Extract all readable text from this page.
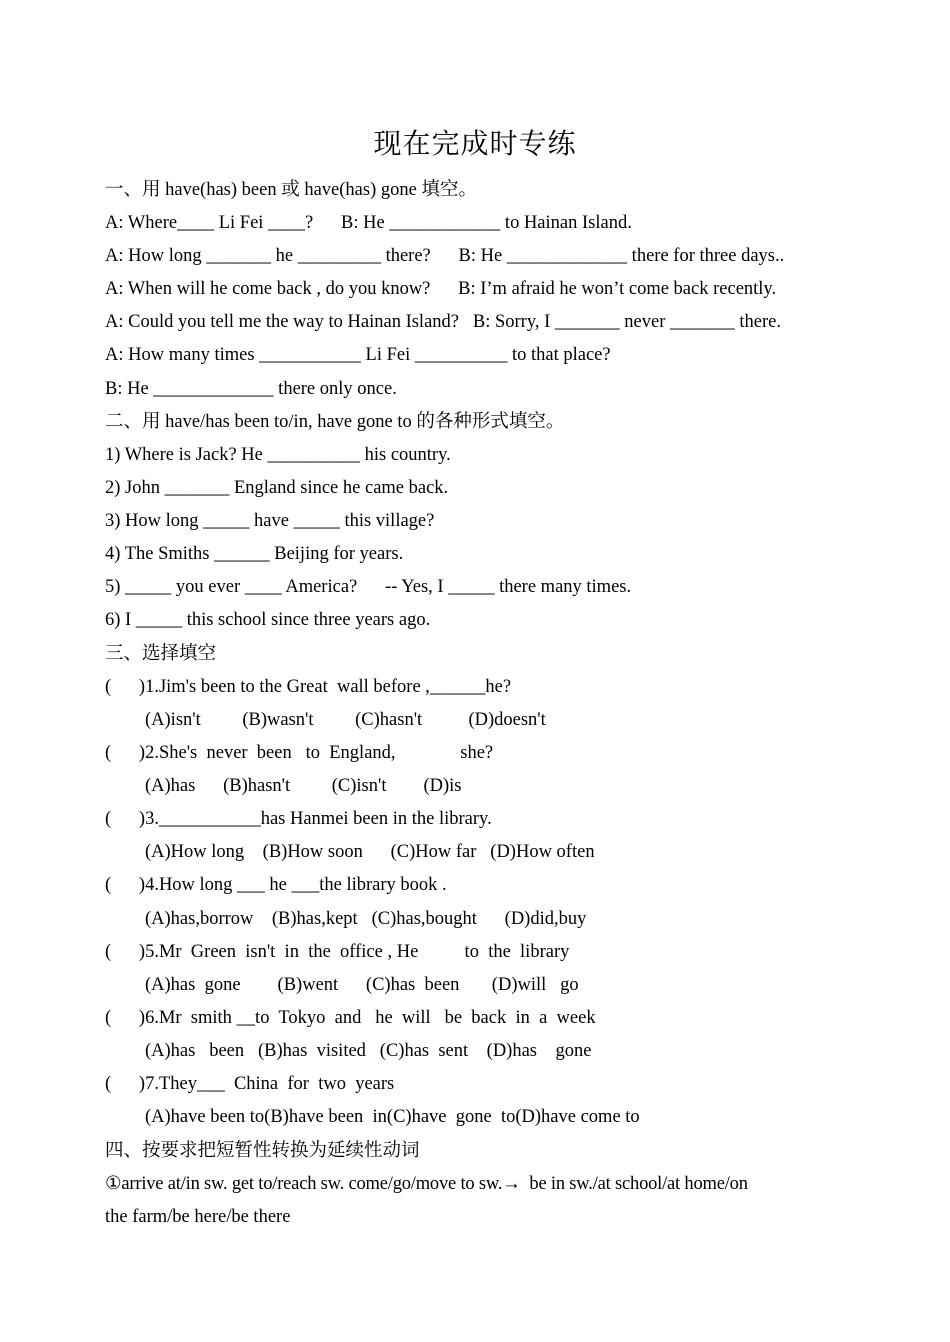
现在完成时专练
一、用 have(has) been 或 have(has) gone 填空。
A: Where____ Li Fei ____?      B: He ____________ to Hainan Island.
A: How long _______ he _________ there?      B: He _____________ there for three days..
A: When will he come back , do you know?      B: I’m afraid he won’t come back recently.
A: Could you tell me the way to Hainan Island?   B: Sorry, I _______ never _______ there.
A: How many times ___________ Li Fei __________ to that place?
B: He _____________ there only once.
二、用 have/has been to/in, have gone to 的各种形式填空。
1) Where is Jack? He __________ his country.
2) John _______ England since he came back.
3) How long _____ have _____ this village?
4) The Smiths ______ Beijing for years.
5) _____ you ever ____ America?      -- Yes, I _____ there many times.
6) I _____ this school since three years ago.
三、选择填空
(      )1.Jim's been to the Great  wall before ,______he?
(A)isn't         (B)wasn't         (C)hasn't          (D)doesn't
(      )2.She's  never  been   to  England,              she?
(A)has      (B)hasn't         (C)isn't        (D)is
(      )3.___________has Hanmei been in the library.
(A)How long    (B)How soon      (C)How far   (D)How often
(      )4.How long ___ he ___the library book .
(A)has,borrow    (B)has,kept   (C)has,bought      (D)did,buy
(      )5.Mr  Green  isn't  in  the  office , He          to  the  library
(A)has  gone        (B)went      (C)has  been       (D)will   go
(      )6.Mr  smith __to  Tokyo  and   he  will   be  back  in  a  week
(A)has   been   (B)has  visited   (C)has  sent    (D)has    gone
(      )7.They___  China  for  two  years
(A)have been to(B)have been  in(C)have  gone  to(D)have come to
四、按要求把短暂性转换为延续性动词
①arrive at/in sw. get to/reach sw. come/go/move to sw.→  be in sw./at school/at home/on
the farm/be here/be there
